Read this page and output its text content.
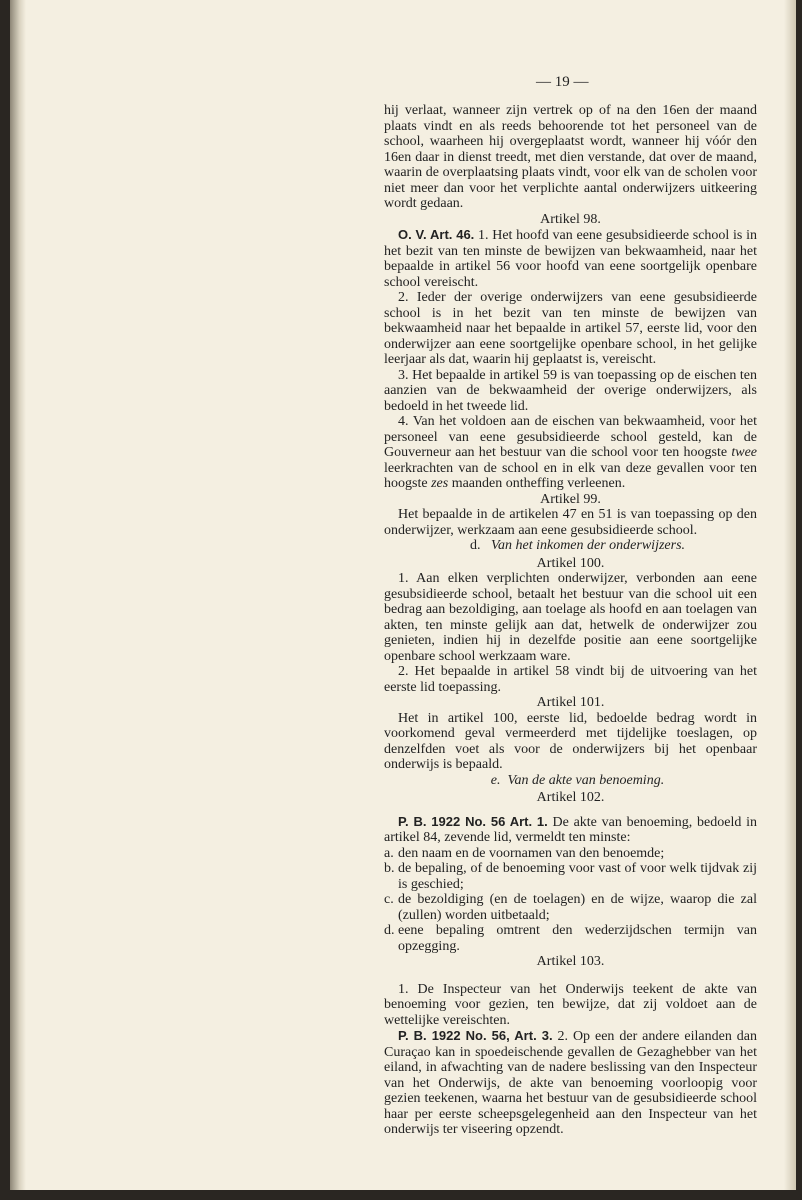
— 19 —

hij verlaat, wanneer zijn vertrek op of na den 16en der maand plaats vindt en als reeds behoorende tot het personeel van de school, waarheen hij overgeplaatst wordt, wanneer hij vóór den 16en daar in dienst treedt, met dien verstande, dat over de maand, waarin de overplaatsing plaats vindt, voor elk van de scholen voor niet meer dan voor het verplichte aantal onderwijzers uitkeering wordt gedaan.

Artikel 98.

O. V. Art. 46. 1. Het hoofd van eene gesubsidieerde school is in het bezit van ten minste de bewijzen van bekwaamheid, naar het bepaalde in artikel 56 voor hoofd van eene soortgelijk openbare school vereischt.

2. Ieder der overige onderwijzers van eene gesubsidieerde school is in het bezit van ten minste de bewijzen van bekwaamheid naar het bepaalde in artikel 57, eerste lid, voor den onderwijzer aan eene soortgelijke openbare school, in het gelijke leerjaar als dat, waarin hij geplaatst is, vereischt.

3. Het bepaalde in artikel 59 is van toepassing op de eischen ten aanzien van de bekwaamheid der overige onderwijzers, als bedoeld in het tweede lid.

4. Van het voldoen aan de eischen van bekwaamheid, voor het personeel van eene gesubsidieerde school gesteld, kan de Gouverneur aan het bestuur van die school voor ten hoogste twee leerkrachten van de school en in elk van deze gevallen voor ten hoogste zes maanden ontheffing verleenen.

Artikel 99.

Het bepaalde in de artikelen 47 en 51 is van toepassing op den onderwijzer, werkzaam aan eene gesubsidieerde school.

d. Van het inkomen der onderwijzers.

Artikel 100.

1. Aan elken verplichten onderwijzer, verbonden aan eene gesubsidieerde school, betaalt het bestuur van die school uit een bedrag aan bezoldiging, aan toelage als hoofd en aan toelagen van akten, ten minste gelijk aan dat, hetwelk de onderwijzer zou genieten, indien hij in dezelfde positie aan eene soortgelijke openbare school werkzaam ware.

2. Het bepaalde in artikel 58 vindt bij de uitvoering van het eerste lid toepassing.

Artikel 101.

Het in artikel 100, eerste lid, bedoelde bedrag wordt in voorkomend geval vermeerderd met tijdelijke toeslagen, op denzelfden voet als voor de onderwijzers bij het openbaar onderwijs is bepaald.

e. Van de akte van benoeming.

Artikel 102.

P. B. 1922 No. 56 Art. 1. De akte van benoeming, bedoeld in artikel 84, zevende lid, vermeldt ten minste:

a. den naam en de voornamen van den benoemde;
b. de bepaling, of de benoeming voor vast of voor welk tijdvak zij is geschied;
c. de bezoldiging (en de toelagen) en de wijze, waarop die zal (zullen) worden uitbetaald;
d. eene bepaling omtrent den wederzijdschen termijn van opzegging.

Artikel 103.

1. De Inspecteur van het Onderwijs teekent de akte van benoeming voor gezien, ten bewijze, dat zij voldoet aan de wettelijke vereischten.

P. B. 1922 No. 56, Art. 3. 2. Op een der andere eilanden dan Curaçao kan in spoedeischende gevallen de Gezaghebber van het eiland, in afwachting van de nadere beslissing van den Inspecteur van het Onderwijs, de akte van benoeming voorloopig voor gezien teekenen, waarna het bestuur van de gesubsidieerde school haar per eerste scheepsgelegenheid aan den Inspecteur van het onderwijs ter viseering opzendt.
